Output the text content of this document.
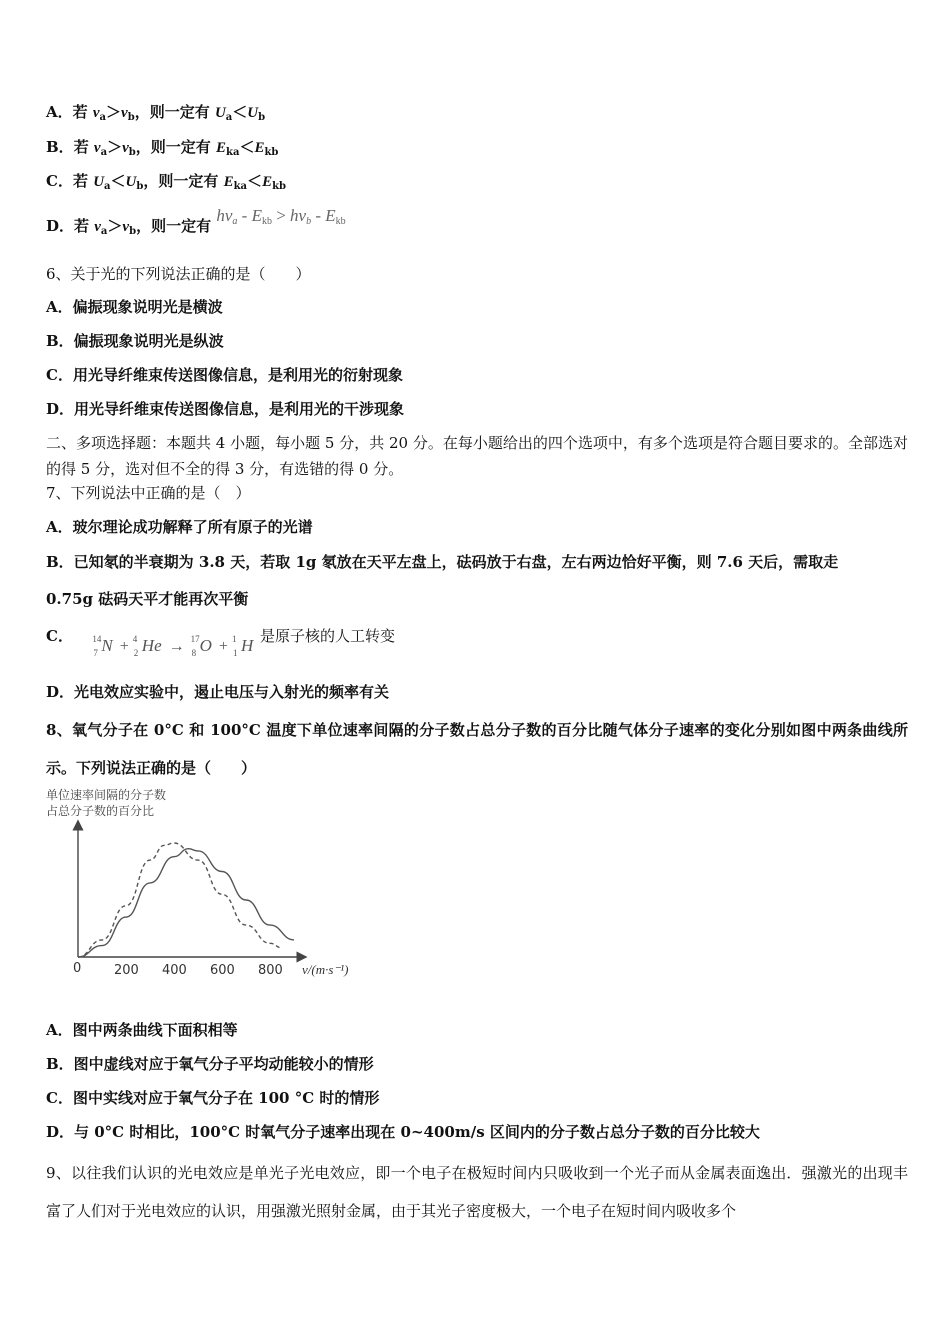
A．若 $v_a>v_b$，则一定有 $U_a<U_b$
B．若 $v_a>v_b$，则一定有 $E_{ka}<E_{kb}$
C．若 $U_a<U_b$，则一定有 $E_{ka}<E_{kb}$
D．若 $v_a>v_b$，则一定有 $hv_a - E_{kb} > hv_b - E_{kb}$
6、关于光的下列说法正确的是（　　）
A．偏振现象说明光是横波
B．偏振现象说明光是纵波
C．用光导纤维束传送图像信息，是利用光的衍射现象
D．用光导纤维束传送图像信息，是利用光的干涉现象
二、多项选择题：本题共 4 小题，每小题 5 分，共 20 分。在每小题给出的四个选项中，有多个选项是符合题目要求的。全部选对的得 5 分，选对但不全的得 3 分，有选错的得 0 分。
7、下列说法中正确的是（　）
A．玻尔理论成功解释了所有原子的光谱
B．已知氡的半衰期为 3.8 天，若取 1g 氡放在天平左盘上，砝码放于右盘，左右两边恰好平衡，则 7.6 天后，需取走
0.75g 砝码天平才能再次平衡
C． 14
7 N + 4
2 He → 17
8 O + 1
1 H 是原子核的人工转变
D．光电效应实验中，遏止电压与入射光的频率有关
8、氧气分子在 0°C 和 100°C 温度下单位速率间隔的分子数占总分子数的百分比随气体分子速率的变化分别如图中两条曲线所示。下列说法正确的是（　　）
单位速率间隔的分子数
占总分子数的百分比
0	200 400 600 800 v/(m·s⁻¹)
A．图中两条曲线下面积相等
B．图中虚线对应于氧气分子平均动能较小的情形
C．图中实线对应于氧气分子在 100 °C 时的情形
D．与 0°C 时相比，100°C 时氧气分子速率出现在 0~400m/s 区间内的分子数占总分子数的百分比较大
9、以往我们认识的光电效应是单光子光电效应，即一个电子在极短时间内只吸收到一个光子而从金属表面逸出．强激光的出现丰富了人们对于光电效应的认识，用强激光照射金属，由于其光子密度极大，一个电子在短时间内吸收多个
